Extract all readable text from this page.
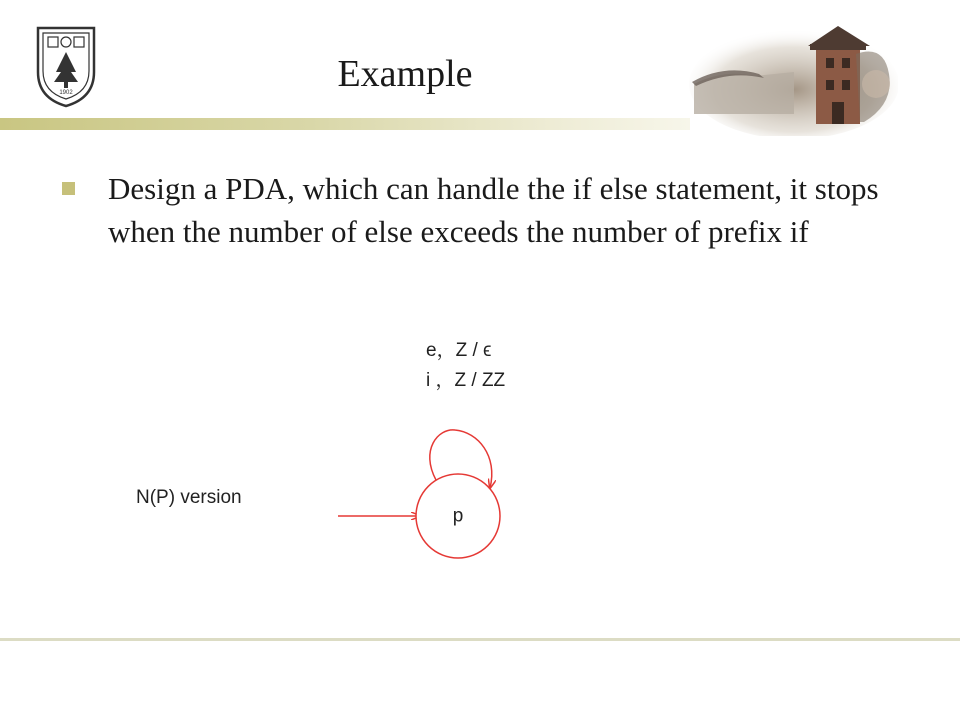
1902	Example

Design a PDA, which can handle the if else statement, it stops when the number of else exceeds the number of prefix if

e，Z / ϵ
i ，Z / ZZ
N(P) version
p
